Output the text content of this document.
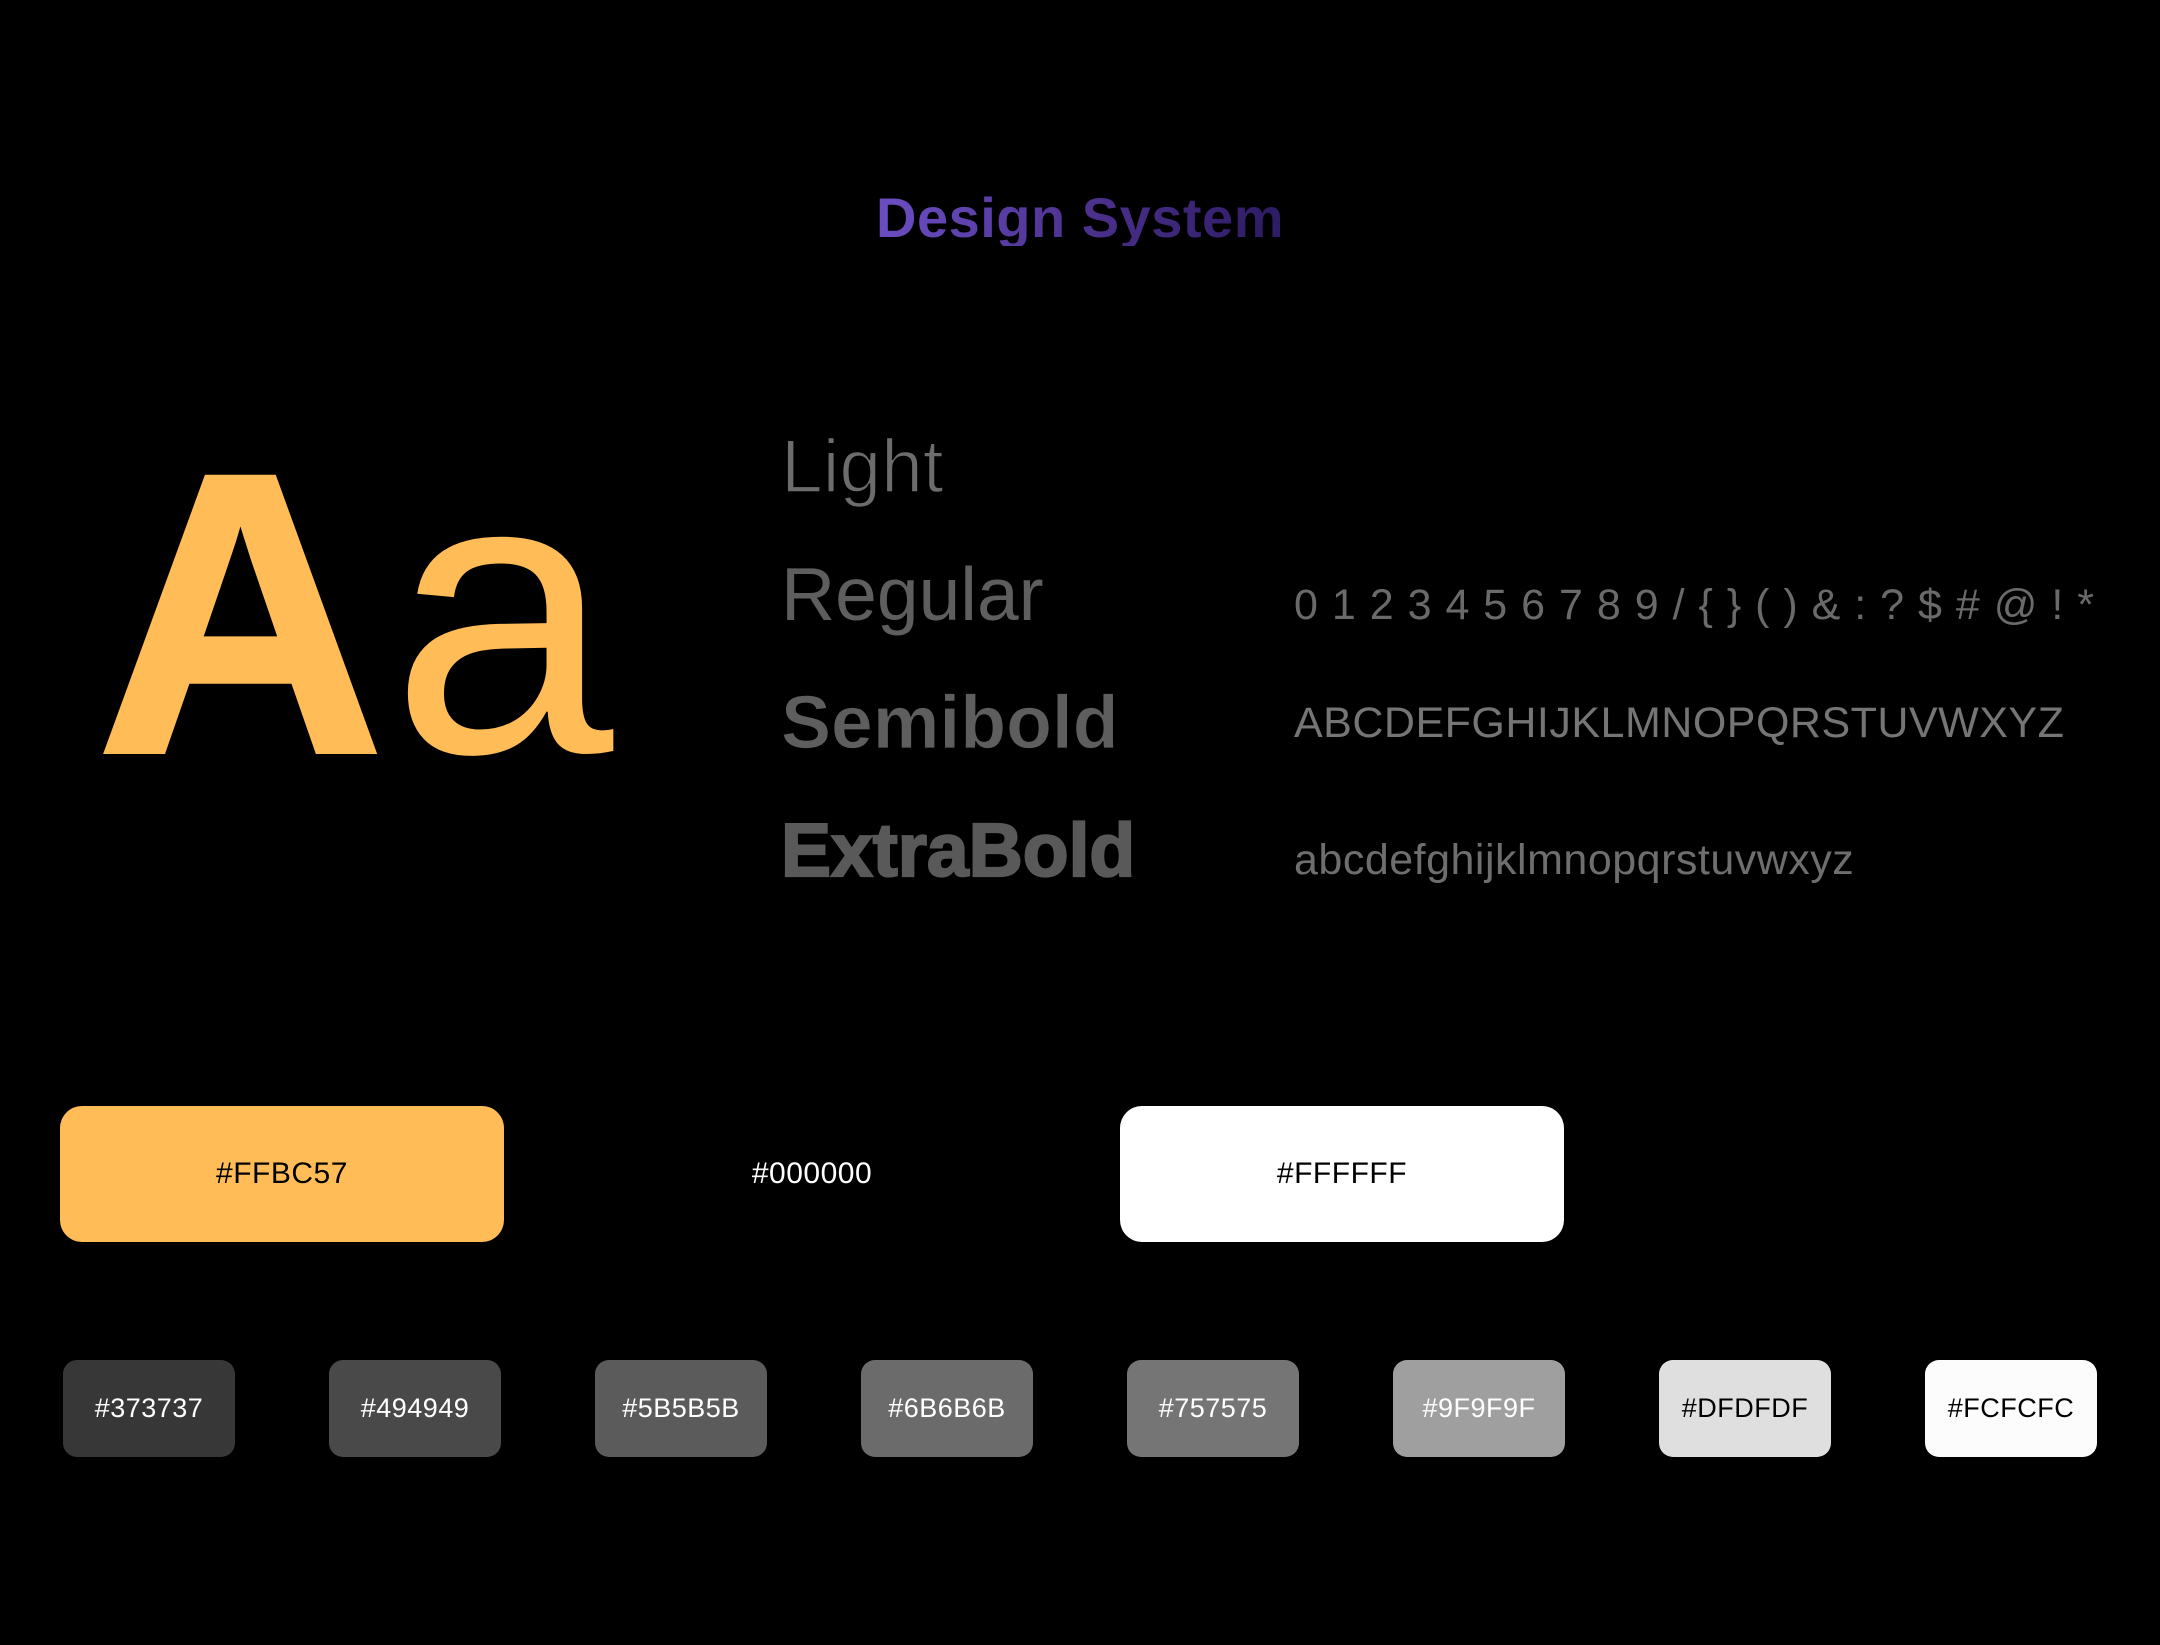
Design System
Aa Light
Regular
Semibold
ExtraBold
0 1 2 3 4 5 6 7 8 9 / { } ( ) & : ? $ # @ ! *
ABCDEFGHIJKLMNOPQRSTUVWXYZ
abcdefghijklmnopqrstuvwxyz
#FFBC57	#000000	#FFFFFF
#373737	#494949	#5B5B5B	#6B6B6B	#757575	#9F9F9F	#DFDFDF	#FCFCFC
